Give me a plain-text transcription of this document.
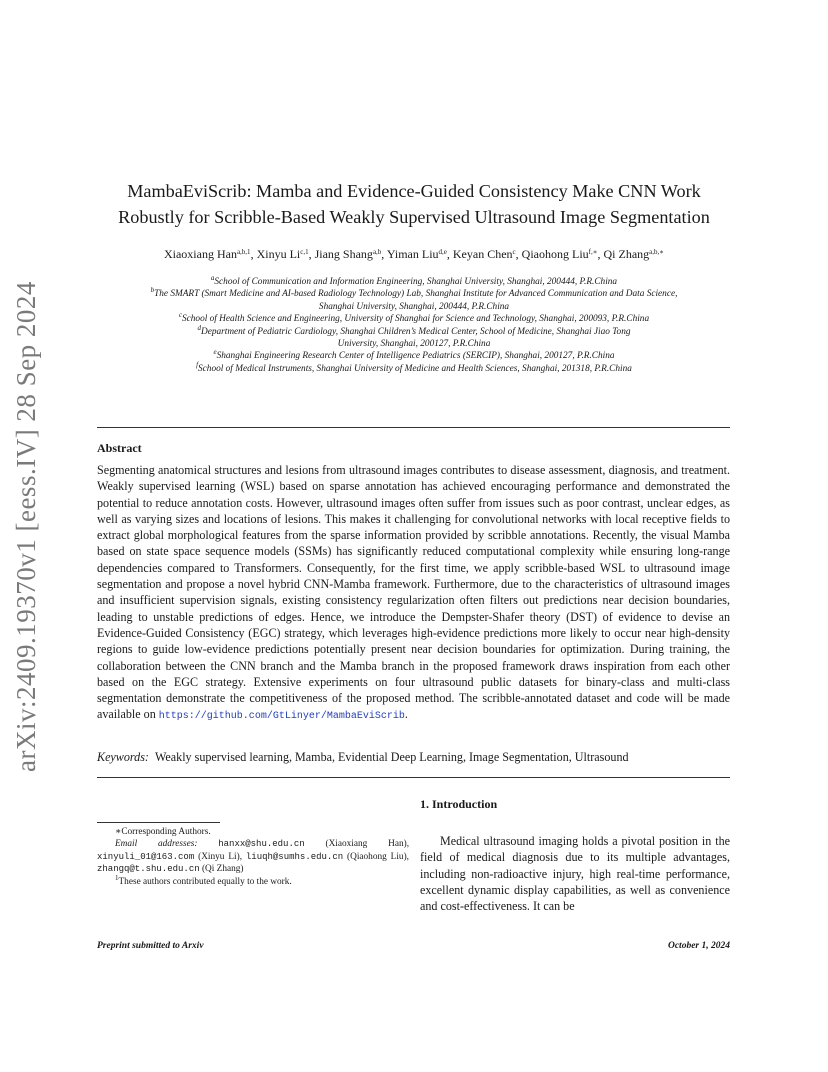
arXiv:2409.19370v1 [eess.IV] 28 Sep 2024
MambaEviScrib: Mamba and Evidence-Guided Consistency Make CNN Work
Robustly for Scribble-Based Weakly Supervised Ultrasound Image Segmentation
Xiaoxiang Han$^{a,b,1}$, Xinyu Li$^{c,1}$, Jiang Shang$^{a,b}$, Yiman Liu$^{d,e}$, Keyan Chen$^c$, Qiaohong Liu$^{f,∗}$, Qi Zhang$^{a,b,∗}$
$^a$School of Communication and Information Engineering, Shanghai University, Shanghai, 200444, P.R.China
$^b$The SMART (Smart Medicine and AI-based Radiology Technology) Lab, Shanghai Institute for Advanced Communication and Data Science,
Shanghai University, Shanghai, 200444, P.R.China
$^c$School of Health Science and Engineering, University of Shanghai for Science and Technology, Shanghai, 200093, P.R.China
$^d$Department of Pediatric Cardiology, Shanghai Children’s Medical Center, School of Medicine, Shanghai Jiao Tong
University, Shanghai, 200127, P.R.China
$^e$Shanghai Engineering Research Center of Intelligence Pediatrics (SERCIP), Shanghai, 200127, P.R.China
$^f$School of Medical Instruments, Shanghai University of Medicine and Health Sciences, Shanghai, 201318, P.R.China
Abstract
Segmenting anatomical structures and lesions from ultrasound images contributes to disease assessment, diagnosis, and treatment. Weakly supervised learning (WSL) based on sparse annotation has achieved encouraging performance and demonstrated the potential to reduce annotation costs. However, ultrasound images often suffer from issues such as poor contrast, unclear edges, as well as varying sizes and locations of lesions. This makes it challenging for convolutional networks with local receptive fields to extract global morphological features from the sparse information provided by scribble annotations. Recently, the visual Mamba based on state space sequence models (SSMs) has significantly reduced computational complexity while ensuring long-range dependencies compared to Transformers. Consequently, for the first time, we apply scribble-based WSL to ultrasound image segmentation and propose a novel hybrid CNN-Mamba framework. Furthermore, due to the characteristics of ultrasound images and insufficient supervision signals, existing consistency regularization often filters out predictions near decision boundaries, leading to unstable predictions of edges. Hence, we introduce the Dempster-Shafer theory (DST) of evidence to devise an Evidence-Guided Consistency (EGC) strategy, which leverages high-evidence predictions more likely to occur near high-density regions to guide low-evidence predictions potentially present near decision boundaries for optimization. During training, the collaboration between the CNN branch and the Mamba branch in the proposed framework draws inspiration from each other based on the EGC strategy. Extensive experiments on four ultrasound public datasets for binary-class and multi-class segmentation demonstrate the competitiveness of the proposed method. The scribble-annotated dataset and code will be made available on https://github.com/GtLinyer/MambaEviScrib.
Keywords: Weakly supervised learning, Mamba, Evidential Deep Learning, Image Segmentation, Ultrasound
1. Introduction
Medical ultrasound imaging holds a pivotal position in the field of medical diagnosis due to its multiple advantages, including non-radioactive injury, high real-time performance, excellent dynamic display capabilities, as well as convenience and cost-effectiveness. It can be
∗Corresponding Authors.
Email addresses: hanxx@shu.edu.cn (Xiaoxiang Han), xinyuli_01@163.com (Xinyu Li), liuqh@sumhs.edu.cn (Qiaohong Liu), zhangq@t.shu.edu.cn (Qi Zhang)
$^1$These authors contributed equally to the work.
Preprint submitted to Arxiv	October 1, 2024
